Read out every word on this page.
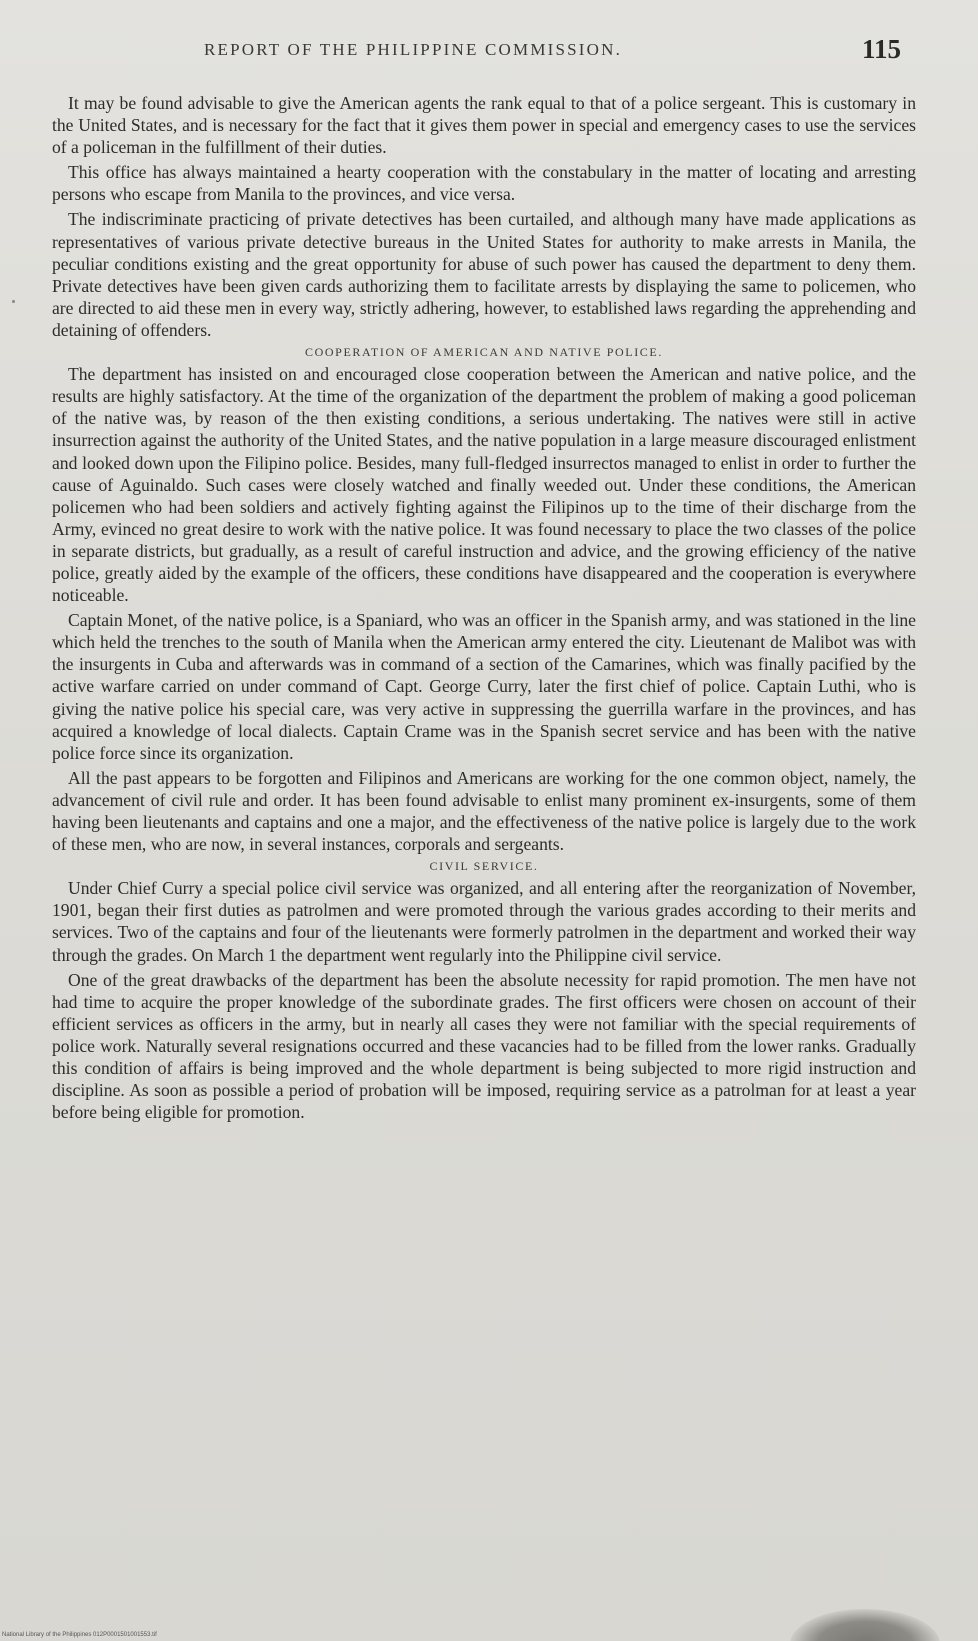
REPORT OF THE PHILIPPINE COMMISSION.	115

It may be found advisable to give the American agents the rank equal to that of a police sergeant. This is customary in the United States, and is necessary for the fact that it gives them power in special and emergency cases to use the services of a policeman in the fulfillment of their duties.

This office has always maintained a hearty cooperation with the constabulary in the matter of locating and arresting persons who escape from Manila to the provinces, and vice versa.

The indiscriminate practicing of private detectives has been curtailed, and although many have made applications as representatives of various private detective bureaus in the United States for authority to make arrests in Manila, the peculiar conditions existing and the great opportunity for abuse of such power has caused the department to deny them. Private detectives have been given cards authorizing them to facilitate arrests by displaying the same to policemen, who are directed to aid these men in every way, strictly adhering, however, to established laws regarding the apprehending and detaining of offenders.

COOPERATION OF AMERICAN AND NATIVE POLICE.

The department has insisted on and encouraged close cooperation between the American and native police, and the results are highly satisfactory. At the time of the organization of the department the problem of making a good policeman of the native was, by reason of the then existing conditions, a serious undertaking. The natives were still in active insurrection against the authority of the United States, and the native population in a large measure discouraged enlistment and looked down upon the Filipino police. Besides, many full-fledged insurrectos managed to enlist in order to further the cause of Aguinaldo. Such cases were closely watched and finally weeded out. Under these conditions, the American policemen who had been soldiers and actively fighting against the Filipinos up to the time of their discharge from the Army, evinced no great desire to work with the native police. It was found necessary to place the two classes of the police in separate districts, but gradually, as a result of careful instruction and advice, and the growing efficiency of the native police, greatly aided by the example of the officers, these conditions have disappeared and the cooperation is everywhere noticeable.

Captain Monet, of the native police, is a Spaniard, who was an officer in the Spanish army, and was stationed in the line which held the trenches to the south of Manila when the American army entered the city. Lieutenant de Malibot was with the insurgents in Cuba and afterwards was in command of a section of the Camarines, which was finally pacified by the active warfare carried on under command of Capt. George Curry, later the first chief of police. Captain Luthi, who is giving the native police his special care, was very active in suppressing the guerrilla warfare in the provinces, and has acquired a knowledge of local dialects. Captain Crame was in the Spanish secret service and has been with the native police force since its organization.

All the past appears to be forgotten and Filipinos and Americans are working for the one common object, namely, the advancement of civil rule and order. It has been found advisable to enlist many prominent ex-insurgents, some of them having been lieutenants and captains and one a major, and the effectiveness of the native police is largely due to the work of these men, who are now, in several instances, corporals and sergeants.

CIVIL SERVICE.

Under Chief Curry a special police civil service was organized, and all entering after the reorganization of November, 1901, began their first duties as patrolmen and were promoted through the various grades according to their merits and services. Two of the captains and four of the lieutenants were formerly patrolmen in the department and worked their way through the grades. On March 1 the department went regularly into the Philippine civil service.

One of the great drawbacks of the department has been the absolute necessity for rapid promotion. The men have not had time to acquire the proper knowledge of the subordinate grades. The first officers were chosen on account of their efficient services as officers in the army, but in nearly all cases they were not familiar with the special requirements of police work. Naturally several resignations occurred and these vacancies had to be filled from the lower ranks. Gradually this condition of affairs is being improved and the whole department is being subjected to more rigid instruction and discipline. As soon as possible a period of probation will be imposed, requiring service as a patrolman for at least a year before being eligible for promotion.

National Library of the Philippines 012P0001501001553.tif
